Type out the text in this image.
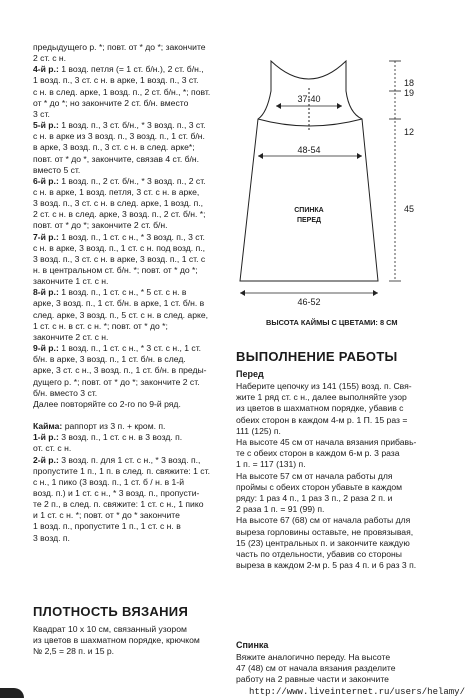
предыдущего р. *; повт. от * до *; закончите
2 ст. с н.
4-й р.: 1 возд. петля (= 1 ст. б/н.), 2 ст. б/н.,
1 возд. п., 3 ст. с н. в арке, 1 возд. п., 3 ст.
с н. в след. арке, 1 возд. п., 2 ст. б/н., *; повт.
от * до *; но закончите 2 ст. б/н. вместо
3 ст.
5-й р.: 1 возд. п., 3 ст. б/н., * 3 возд. п., 3 ст.
с н. в арке из 3 возд. п., 3 возд. п., 1 ст. б/н.
в арке, 3 возд. п., 3 ст. с н. в след. арке*;
повт. от * до *, закончите, связав 4 ст. б/н.
вместо 5 ст.
6-й р.: 1 возд. п., 2 ст. б/н., * 3 возд. п., 2 ст.
с н. в арке, 1 возд. петля, 3 ст. с н. в арке,
3 возд. п., 3 ст. с н. в след. арке, 1 возд. п.,
2 ст. с н. в след. арке, 3 возд. п., 2 ст. б/н. *;
повт. от * до *; закончите 2 ст. б/н.
7-й р.: 1 возд. п., 1 ст. с н., * 3 возд. п., 3 ст.
с н. в арке, 3 возд. п., 1 ст. с н. под возд. п.,
3 возд. п., 3 ст. с н. в арке, 3 возд. п., 1 ст. с
н. в центральном ст. б/н. *; повт. от * до *;
закончите 1 ст. с н.
8-й р.: 1 возд. п., 1 ст. с н., * 5 ст. с н. в
арке, 3 возд. п., 1 ст. б/н. в арке, 1 ст. б/н. в
след. арке, 3 возд. п., 5 ст. с н. в след. арке,
1 ст. с н. в ст. с н. *; повт. от * до *;
закончите 2 ст. с н.
9-й р.: 1 возд. п., 1 ст. с н., * 3 ст. с н., 1 ст.
б/н. в арке, 3 возд. п., 1 ст. б/н. в след.
арке, 3 ст. с н., 3 возд. п., 1 ст. б/н. в преды-
дущего р. *; повт. от * до *; закончите 2 ст.
б/н. вместо 3 ст.
Далее повторяйте со 2-го по 9-й ряд.
Кайма: раппорт из 3 п. + кром. п.
1-й р.: 3 возд. п., 1 ст. с н. в 3 возд. п.
от. ст. с н.
2-й р.: 3 возд. п. для 1 ст. с н., * 3 возд. п.,
пропустите 1 п., 1 п. в след. п. свяжите: 1 ст.
с н., 1 пико (3 возд. п., 1 ст. б / н. в 1-й
возд. п.) и 1 ст. с н., * 3 возд. п., пропусти-
те 2 п., в след. п. свяжите: 1 ст. с н., 1 пико
и 1 ст. с н. *; повт. от * до * закончите
1 возд. п., пропустите 1 п., 1 ст. с н. в
3 возд. п.
ПЛОТНОСТЬ ВЯЗАНИЯ
Квадрат 10 х 10 см, связанный узором
из цветов в шахматном порядке, крючком
№ 2,5 = 28 п. и 15 р.
37-40
48-54
46-52
18
19
12
45
СПИНКА
ПЕРЕД
ВЫСОТА КАЙМЫ С ЦВЕТАМИ: 8 СМ
ВЫПОЛНЕНИЕ РАБОТЫ
Перед
Наберите цепочку из 141 (155) возд. п. Свя-
жите 1 ряд ст. с н., далее выполняйте узор
из цветов в шахматном порядке, убавив с
обеих сторон в каждом 4-м р. 1 П. 15 раз =
111 (125) п.
На высоте 45 см от начала вязания прибавь-
те с обеих сторон в каждом 6-м р. 3 раза
1 п. = 117 (131) п.
На высоте 57 см от начала работы для
проймы с обеих сторон убавьте в каждом
ряду: 1 раз 4 п., 1 раз 3 п., 2 раза 2 п. и
2 раза 1 п. = 91 (99) п.
На высоте 67 (68) см от начала работы для
выреза горловины оставьте, не провязывая,
15 (23) центральных п. и закончите каждую
часть по отдельности, убавив со стороны
выреза в каждом 2-м р. 5 раз 4 п. и 6 раз 3 п.
Спинка
Вяжите аналогично переду. На высоте
47 (48) см от начала вязания разделите
работу на 2 равные части и закончите
http://www.liveinternet.ru/users/helamy/
